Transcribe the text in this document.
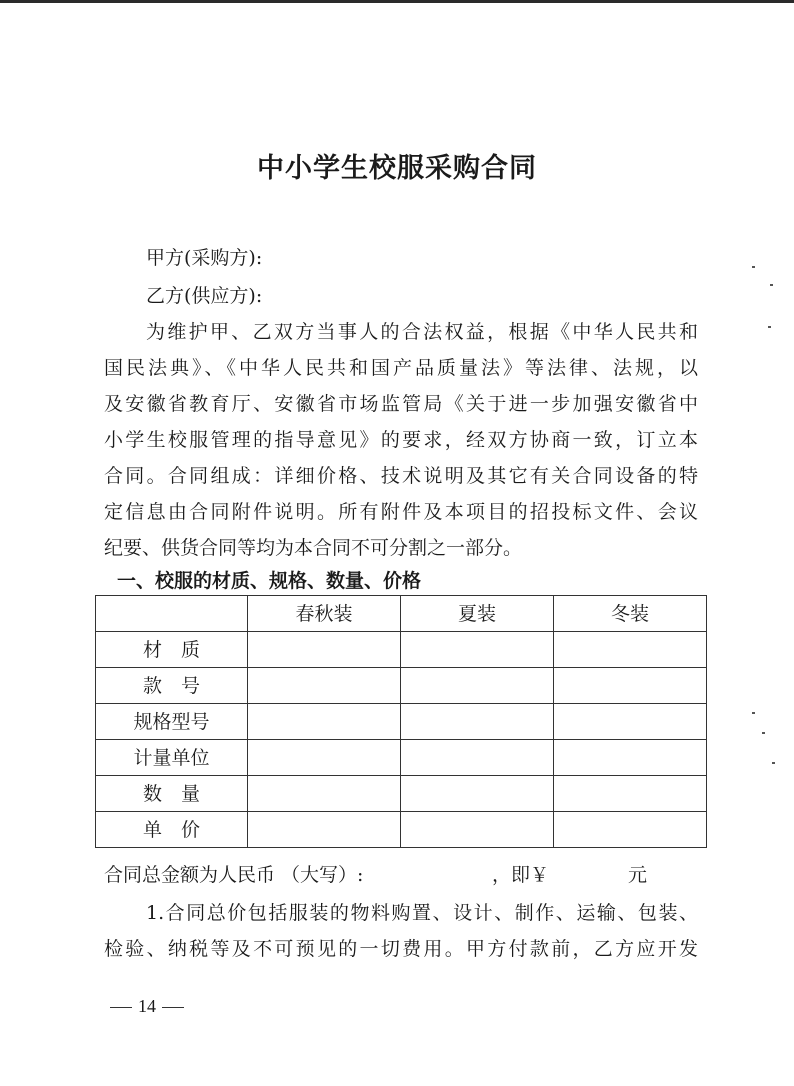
中小学生校服采购合同
甲方(采购方):
乙方(供应方):
为维护甲、乙双方当事人的合法权益，根据《中华人民共和
国民法典》、《中华人民共和国产品质量法》等法律、法规，以
及安徽省教育厅、安徽省市场监管局《关于进一步加强安徽省中
小学生校服管理的指导意见》的要求，经双方协商一致，订立本
合同。合同组成：详细价格、技术说明及其它有关合同设备的特
定信息由合同附件说明。所有附件及本项目的招投标文件、会议
纪要、供货合同等均为本合同不可分割之一部分。
一、校服的材质、规格、数量、价格
	春秋装	夏装	冬装
材　质			
款　号			
规格型号			
计量单位			
数　量			
单　价			
合同总金额为人民币 （大写）:	，即￥	元
1.合同总价包括服装的物料购置、设计、制作、运输、包装、
检验、纳税等及不可预见的一切费用。甲方付款前，乙方应开发
14
